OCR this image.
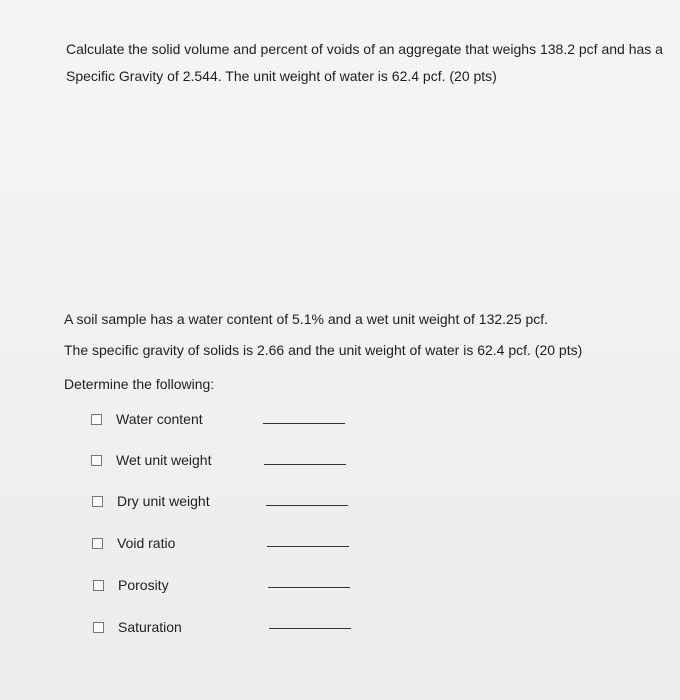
Calculate the solid volume and percent of voids of an aggregate that weighs 138.2 pcf and has a
Specific Gravity of 2.544. The unit weight of water is 62.4 pcf. (20 pts)
A soil sample has a water content of 5.1% and a wet unit weight of 132.25 pcf.
The specific gravity of solids is 2.66 and the unit weight of water is 62.4 pcf. (20 pts)
Determine the following:
Water content
Wet unit weight
Dry unit weight
Void ratio
Porosity
Saturation
